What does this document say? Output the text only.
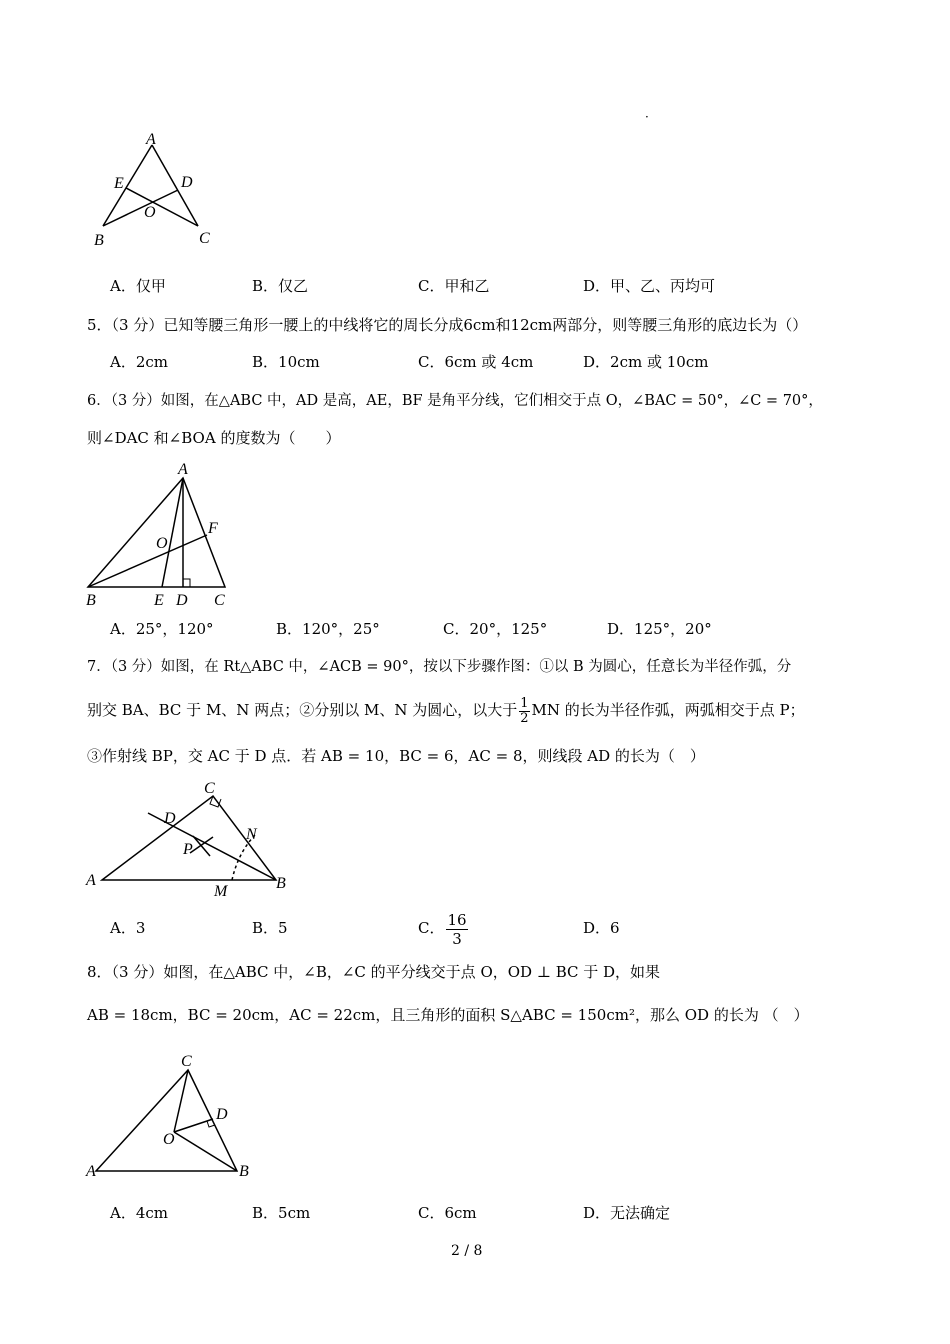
·
A
E	D
O
B	C
A．仅甲	B．仅乙	C．甲和乙	D．甲、乙、丙均可
5．（3 分）已知等腰三角形一腰上的中线将它的周长分成6cm和12cm两部分，则等腰三角形的底边长为（）
A．2cm	B．10cm	C．6cm 或 4cm	D．2cm 或 10cm
6．（3 分）如图，在△ABC 中，AD 是高，AE，BF 是角平分线，它们相交于点 O，∠BAC = 50°，∠C = 70°，
则∠DAC 和∠BOA 的度数为（　　）
A
F
O
B	E D C
A．25°，120°	B．120°，25°	C．20°，125°	D．125°，20°
7．（3 分）如图，在 Rt△ABC 中，∠ACB = 90°，按以下步骤作图：①以 B 为圆心，任意长为半径作弧，分
别交 BA、BC 于 M、N 两点；②分别以 M、N 为圆心，以大于 $\frac{1}{2}$ MN 的长为半径作弧，两弧相交于点 P；
③作射线 BP，交 AC 于 D 点．若 AB = 10，BC = 6，AC = 8，则线段 AD 的长为（　）
C
D
N
P
A
M	B
A．3	B．5	C． $\frac{16}{3}$	D．6
8．（3 分）如图，在△ABC 中，∠B，∠C 的平分线交于点 O，OD ⊥ BC 于 D，如果
AB = 18cm，BC = 20cm，AC = 22cm，且三角形的面积 S△ABC = 150cm²，那么 OD 的长为 （　）
C
D
O
A	B
A．4cm	B．5cm	C．6cm	D．无法确定
2 / 8
